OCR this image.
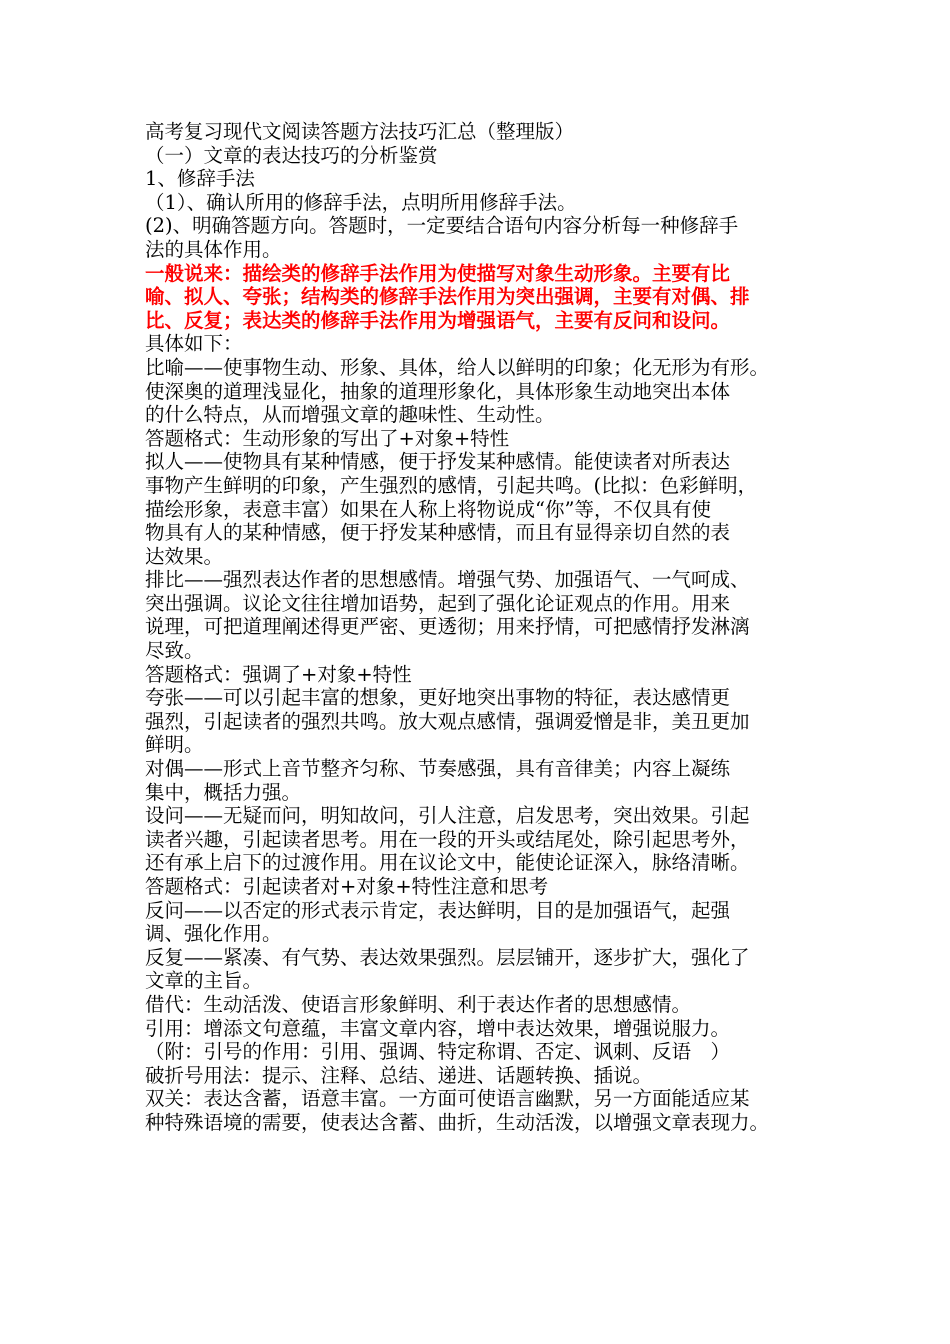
高考复习现代文阅读答题方法技巧汇总（整理版）
（一）文章的表达技巧的分析鉴赏
1、修辞手法
（1）、确认所用的修辞手法，点明所用修辞手法。
(2)、明确答题方向。答题时，一定要结合语句内容分析每一种修辞手
法的具体作用。
一般说来：描绘类的修辞手法作用为使描写对象生动形象。主要有比
喻、拟人、夸张；结构类的修辞手法作用为突出强调，主要有对偶、排
比、反复；表达类的修辞手法作用为增强语气，主要有反问和设问。
具体如下：
比喻——使事物生动、形象、具体，给人以鲜明的印象；化无形为有形。
使深奥的道理浅显化，抽象的道理形象化，具体形象生动地突出本体
的什么特点，从而增强文章的趣味性、生动性。
答题格式：生动形象的写出了+对象+特性
拟人——使物具有某种情感，便于抒发某种感情。能使读者对所表达
事物产生鲜明的印象，产生强烈的感情，引起共鸣。(比拟：色彩鲜明，
描绘形象，表意丰富）如果在人称上将物说成“你”等，不仅具有使
物具有人的某种情感，便于抒发某种感情，而且有显得亲切自然的表
达效果。
排比——强烈表达作者的思想感情。增强气势、加强语气、一气呵成、
突出强调。议论文往往增加语势，起到了强化论证观点的作用。用来
说理，可把道理阐述得更严密、更透彻；用来抒情，可把感情抒发淋漓
尽致。
答题格式：强调了+对象+特性
夸张——可以引起丰富的想象，更好地突出事物的特征，表达感情更
强烈，引起读者的强烈共鸣。放大观点感情，强调爱憎是非，美丑更加
鲜明。
对偶——形式上音节整齐匀称、节奏感强，具有音律美；内容上凝练
集中，概括力强。
设问——无疑而问，明知故问，引人注意，启发思考，突出效果。引起
读者兴趣，引起读者思考。用在一段的开头或结尾处，除引起思考外，
还有承上启下的过渡作用。用在议论文中，能使论证深入，脉络清晰。
答题格式：引起读者对+对象+特性注意和思考
反问——以否定的形式表示肯定，表达鲜明，目的是加强语气，起强
调、强化作用。
反复——紧凑、有气势、表达效果强烈。层层铺开，逐步扩大，强化了
文章的主旨。
借代：生动活泼、使语言形象鲜明、利于表达作者的思想感情。
引用：增添文句意蕴，丰富文章内容，增中表达效果，增强说服力。
（附：引号的作用：引用、强调、特定称谓、否定、讽刺、反语　）
破折号用法：提示、注释、总结、递进、话题转换、插说。
双关：表达含蓄，语意丰富。一方面可使语言幽默，另一方面能适应某
种特殊语境的需要，使表达含蓄、曲折，生动活泼，以增强文章表现力。
